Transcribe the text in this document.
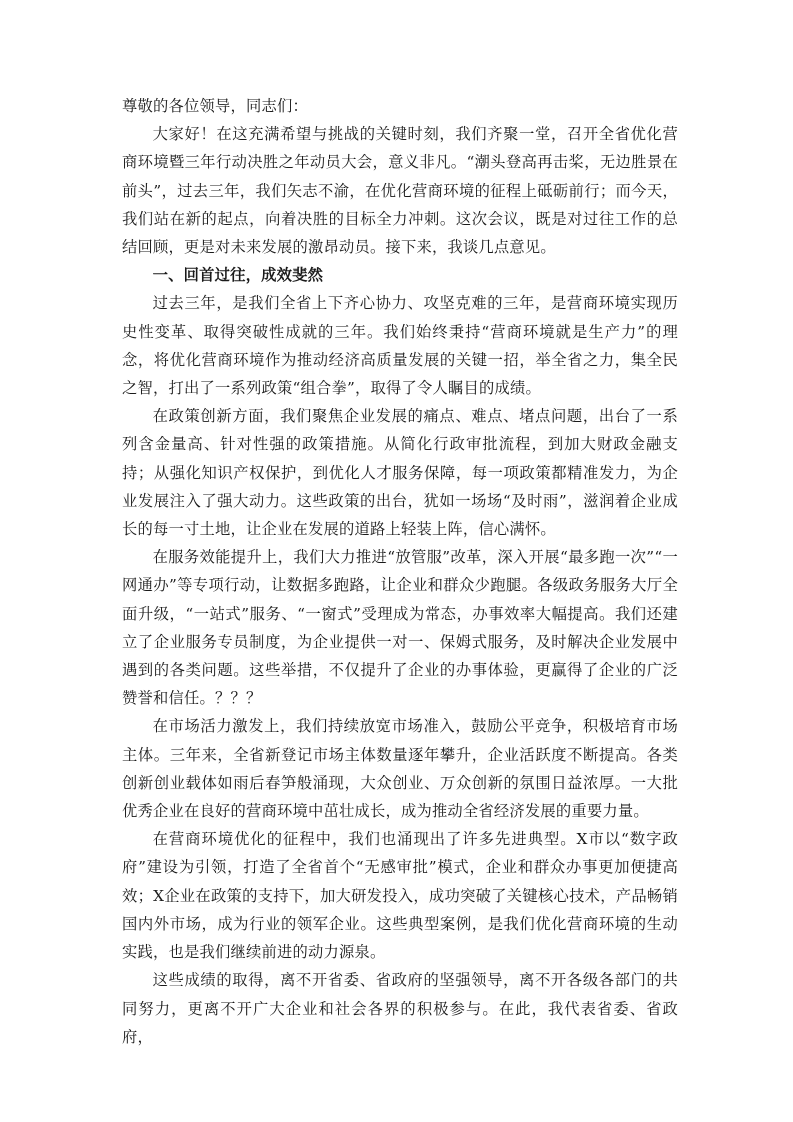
尊敬的各位领导，同志们：

大家好！在这充满希望与挑战的关键时刻，我们齐聚一堂，召开全省优化营商环境暨三年行动决胜之年动员大会，意义非凡。“潮头登高再击桨，无边胜景在前头”，过去三年，我们矢志不渝，在优化营商环境的征程上砥砺前行；而今天，我们站在新的起点，向着决胜的目标全力冲刺。这次会议，既是对过往工作的总结回顾，更是对未来发展的激昂动员。接下来，我谈几点意见。

一、回首过往，成效斐然

过去三年，是我们全省上下齐心协力、攻坚克难的三年，是营商环境实现历史性变革、取得突破性成就的三年。我们始终秉持“营商环境就是生产力”的理念，将优化营商环境作为推动经济高质量发展的关键一招，举全省之力，集全民之智，打出了一系列政策“组合拳”，取得了令人瞩目的成绩。

在政策创新方面，我们聚焦企业发展的痛点、难点、堵点问题，出台了一系列含金量高、针对性强的政策措施。从简化行政审批流程，到加大财政金融支持；从强化知识产权保护，到优化人才服务保障，每一项政策都精准发力，为企业发展注入了强大动力。这些政策的出台，犹如一场场“及时雨”，滋润着企业成长的每一寸土地，让企业在发展的道路上轻装上阵，信心满怀。

在服务效能提升上，我们大力推进“放管服”改革，深入开展“最多跑一次”“一网通办”等专项行动，让数据多跑路，让企业和群众少跑腿。各级政务服务大厅全面升级，“一站式”服务、“一窗式”受理成为常态，办事效率大幅提高。我们还建立了企业服务专员制度，为企业提供一对一、保姆式服务，及时解决企业发展中遇到的各类问题。这些举措，不仅提升了企业的办事体验，更赢得了企业的广泛赞誉和信任。？？？

在市场活力激发上，我们持续放宽市场准入，鼓励公平竞争，积极培育市场主体。三年来，全省新登记市场主体数量逐年攀升，企业活跃度不断提高。各类创新创业载体如雨后春笋般涌现，大众创业、万众创新的氛围日益浓厚。一大批优秀企业在良好的营商环境中茁壮成长，成为推动全省经济发展的重要力量。

在营商环境优化的征程中，我们也涌现出了许多先进典型。X市以“数字政府”建设为引领，打造了全省首个“无感审批”模式，企业和群众办事更加便捷高效；X企业在政策的支持下，加大研发投入，成功突破了关键核心技术，产品畅销国内外市场，成为行业的领军企业。这些典型案例，是我们优化营商环境的生动实践，也是我们继续前进的动力源泉。

这些成绩的取得，离不开省委、省政府的坚强领导，离不开各级各部门的共同努力，更离不开广大企业和社会各界的积极参与。在此，我代表省委、省政府，
